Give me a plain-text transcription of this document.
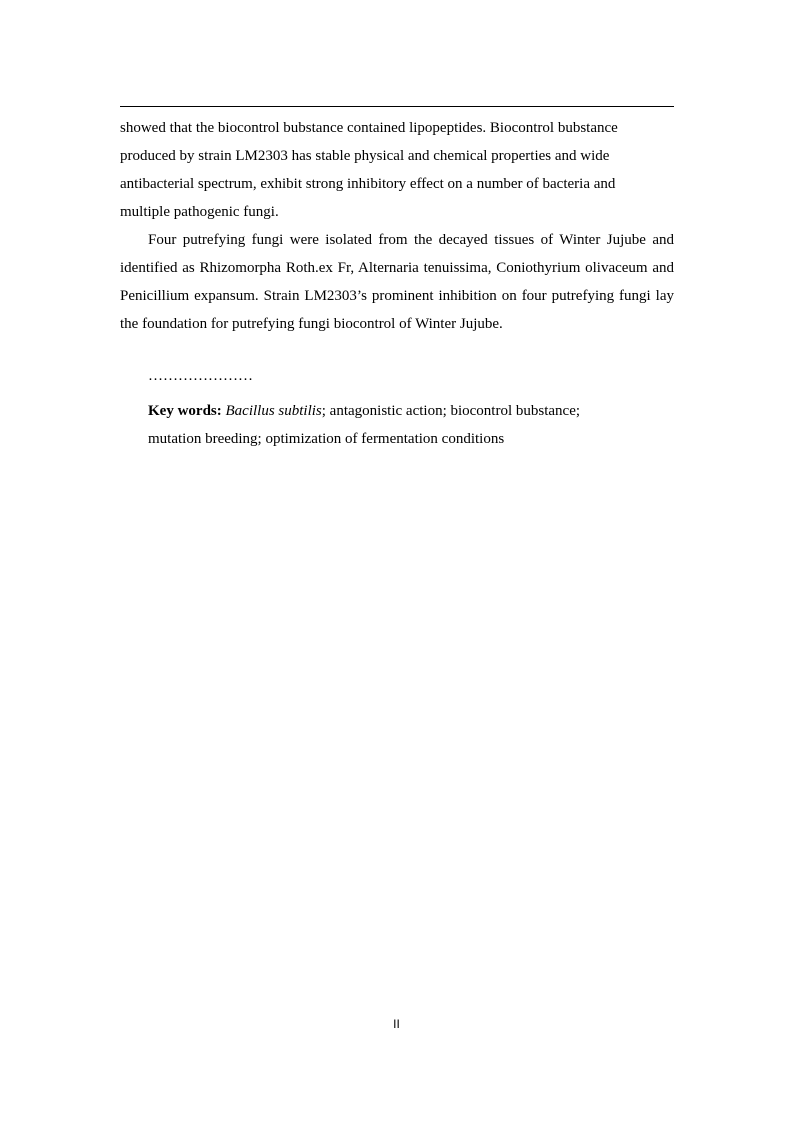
showed that the biocontrol bubstance contained lipopeptides. Biocontrol bubstance
produced by strain LM2303 has stable physical and chemical properties and wide
antibacterial spectrum, exhibit strong inhibitory effect on a number of bacteria and
multiple pathogenic fungi.

Four putrefying fungi were isolated from the decayed tissues of Winter Jujube and identified as Rhizomorpha Roth.ex Fr, Alternaria tenuissima, Coniothyrium olivaceum and Penicillium expansum. Strain LM2303’s prominent inhibition on four putrefying fungi lay the foundation for putrefying fungi biocontrol of Winter Jujube.

…………………
Key words: Bacillus subtilis; antagonistic action; biocontrol bubstance;
mutation breeding; optimization of fermentation conditions
II
